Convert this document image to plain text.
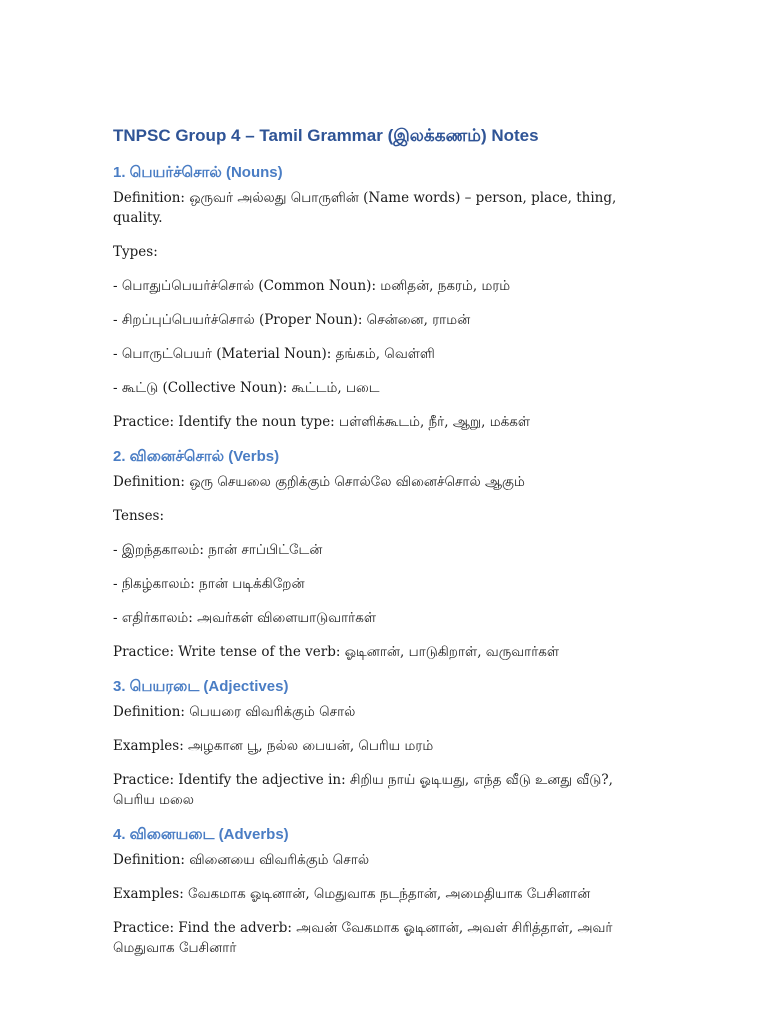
TNPSC Group 4 – Tamil Grammar (இலக்கணம்) Notes
1. பெயர்ச்சொல் (Nouns)

Definition: ஒருவர் அல்லது பொருளின் (Name words) – person, place, thing, quality.

Types:

- பொதுப்பெயர்ச்சொல் (Common Noun): மனிதன், நகரம், மரம்

- சிறப்புப்பெயர்ச்சொல் (Proper Noun): சென்னை, ராமன்

- பொருட்பெயர் (Material Noun): தங்கம், வெள்ளி

- கூட்டு (Collective Noun): கூட்டம், படை

Practice: Identify the noun type: பள்ளிக்கூடம், நீர், ஆறு, மக்கள்

2. வினைச்சொல் (Verbs)

Definition: ஒரு செயலை குறிக்கும் சொல்லே வினைச்சொல் ஆகும்

Tenses:

- இறந்தகாலம்: நான் சாப்பிட்டேன்

- நிகழ்காலம்: நான் படிக்கிறேன்

- எதிர்காலம்: அவர்கள் விளையாடுவார்கள்

Practice: Write tense of the verb: ஓடினான், பாடுகிறாள், வருவார்கள்

3. பெயரடை (Adjectives)

Definition: பெயரை விவரிக்கும் சொல்

Examples: அழகான பூ, நல்ல பையன், பெரிய மரம்

Practice: Identify the adjective in: சிறிய நாய் ஓடியது, எந்த வீடு உனது வீடு?, பெரிய மலை

4. வினையடை (Adverbs)

Definition: வினையை விவரிக்கும் சொல்

Examples: வேகமாக ஓடினான், மெதுவாக நடந்தான், அமைதியாக பேசினான்

Practice: Find the adverb: அவன் வேகமாக ஓடினான், அவள் சிரித்தாள், அவர் மெதுவாக பேசினார்
